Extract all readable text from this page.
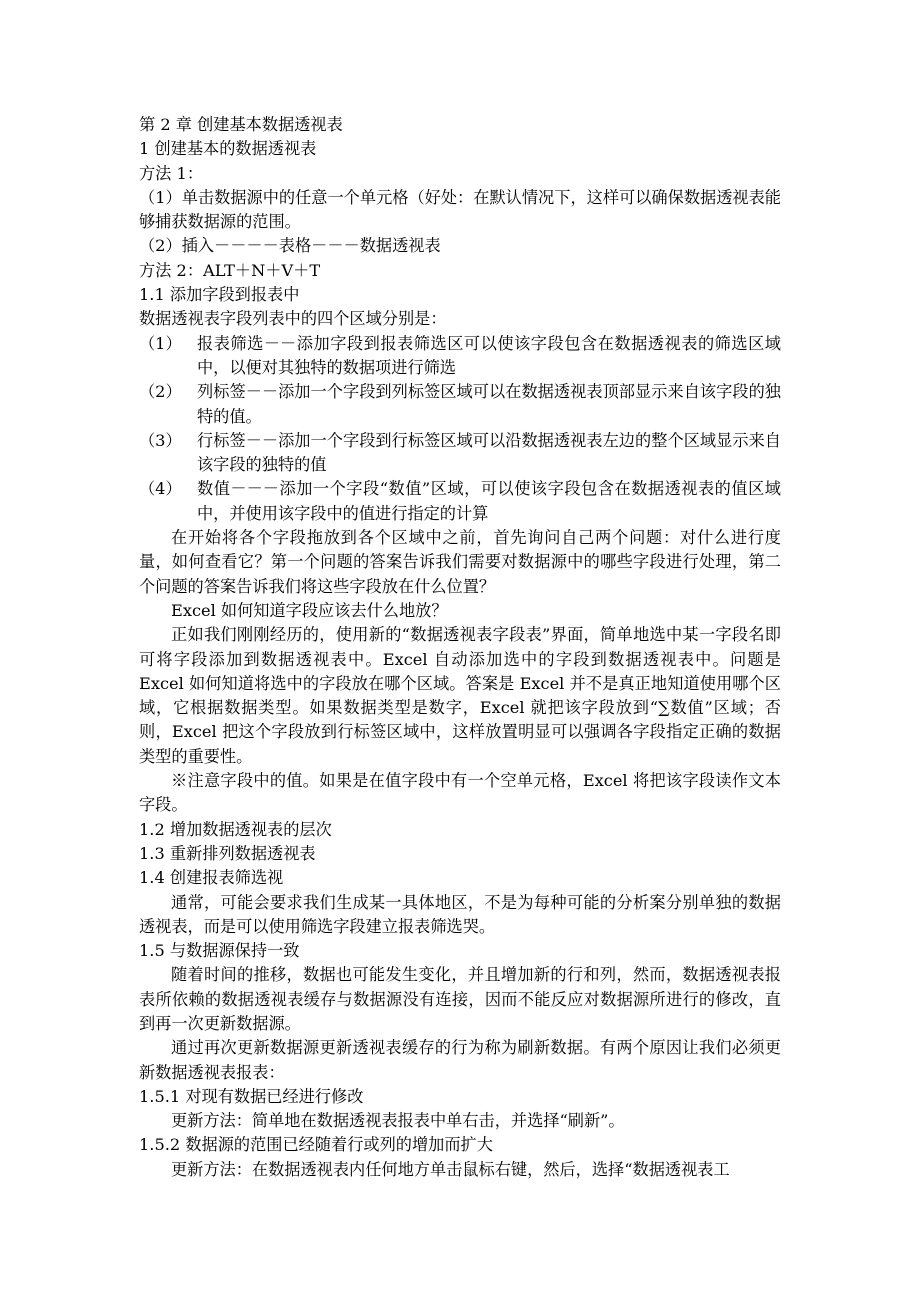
第 2 章 创建基本数据透视表
1 创建基本的数据透视表
方法 1：
（1）单击数据源中的任意一个单元格（好处：在默认情况下，这样可以确保数据透视表能够捕获数据源的范围。
（2）插入－－－－表格－－－数据透视表
方法 2：ALT＋N＋V＋T
1.1 添加字段到报表中
数据透视表字段列表中的四个区域分别是：
（1） 报表筛选－－添加字段到报表筛选区可以使该字段包含在数据透视表的筛选区域中，以便对其独特的数据项进行筛选
（2） 列标签－－添加一个字段到列标签区域可以在数据透视表顶部显示来自该字段的独特的值。
（3） 行标签－－添加一个字段到行标签区域可以沿数据透视表左边的整个区域显示来自该字段的独特的值
（4） 数值－－－添加一个字段“数值”区域，可以使该字段包含在数据透视表的值区域中，并使用该字段中的值进行指定的计算
在开始将各个字段拖放到各个区域中之前，首先询问自己两个问题：对什么进行度量，如何查看它？第一个问题的答案告诉我们需要对数据源中的哪些字段进行处理，第二个问题的答案告诉我们将这些字段放在什么位置？
Excel 如何知道字段应该去什么地放？
正如我们刚刚经历的，使用新的“数据透视表字段表”界面，简单地选中某一字段名即可将字段添加到数据透视表中。Excel 自动添加选中的字段到数据透视表中。问题是 Excel 如何知道将选中的字段放在哪个区域。答案是 Excel 并不是真正地知道使用哪个区域，它根据数据类型。如果数据类型是数字，Excel 就把该字段放到“∑数值”区域；否则，Excel 把这个字段放到行标签区域中，这样放置明显可以强调各字段指定正确的数据类型的重要性。
※注意字段中的值。如果是在值字段中有一个空单元格，Excel 将把该字段读作文本字段。
1.2 增加数据透视表的层次
1.3 重新排列数据透视表
1.4 创建报表筛选视
通常，可能会要求我们生成某一具体地区，不是为每种可能的分析案分别单独的数据透视表，而是可以使用筛选字段建立报表筛选哭。
1.5 与数据源保持一致
随着时间的推移，数据也可能发生变化，并且增加新的行和列，然而，数据透视表报表所依赖的数据透视表缓存与数据源没有连接，因而不能反应对数据源所进行的修改，直到再一次更新数据源。
通过再次更新数据源更新透视表缓存的行为称为刷新数据。有两个原因让我们必须更新数据透视表报表：
1.5.1 对现有数据已经进行修改
更新方法：简单地在数据透视表报表中单右击，并选择“刷新”。
1.5.2 数据源的范围已经随着行或列的增加而扩大
更新方法：在数据透视表内任何地方单击鼠标右键，然后，选择“数据透视表工
